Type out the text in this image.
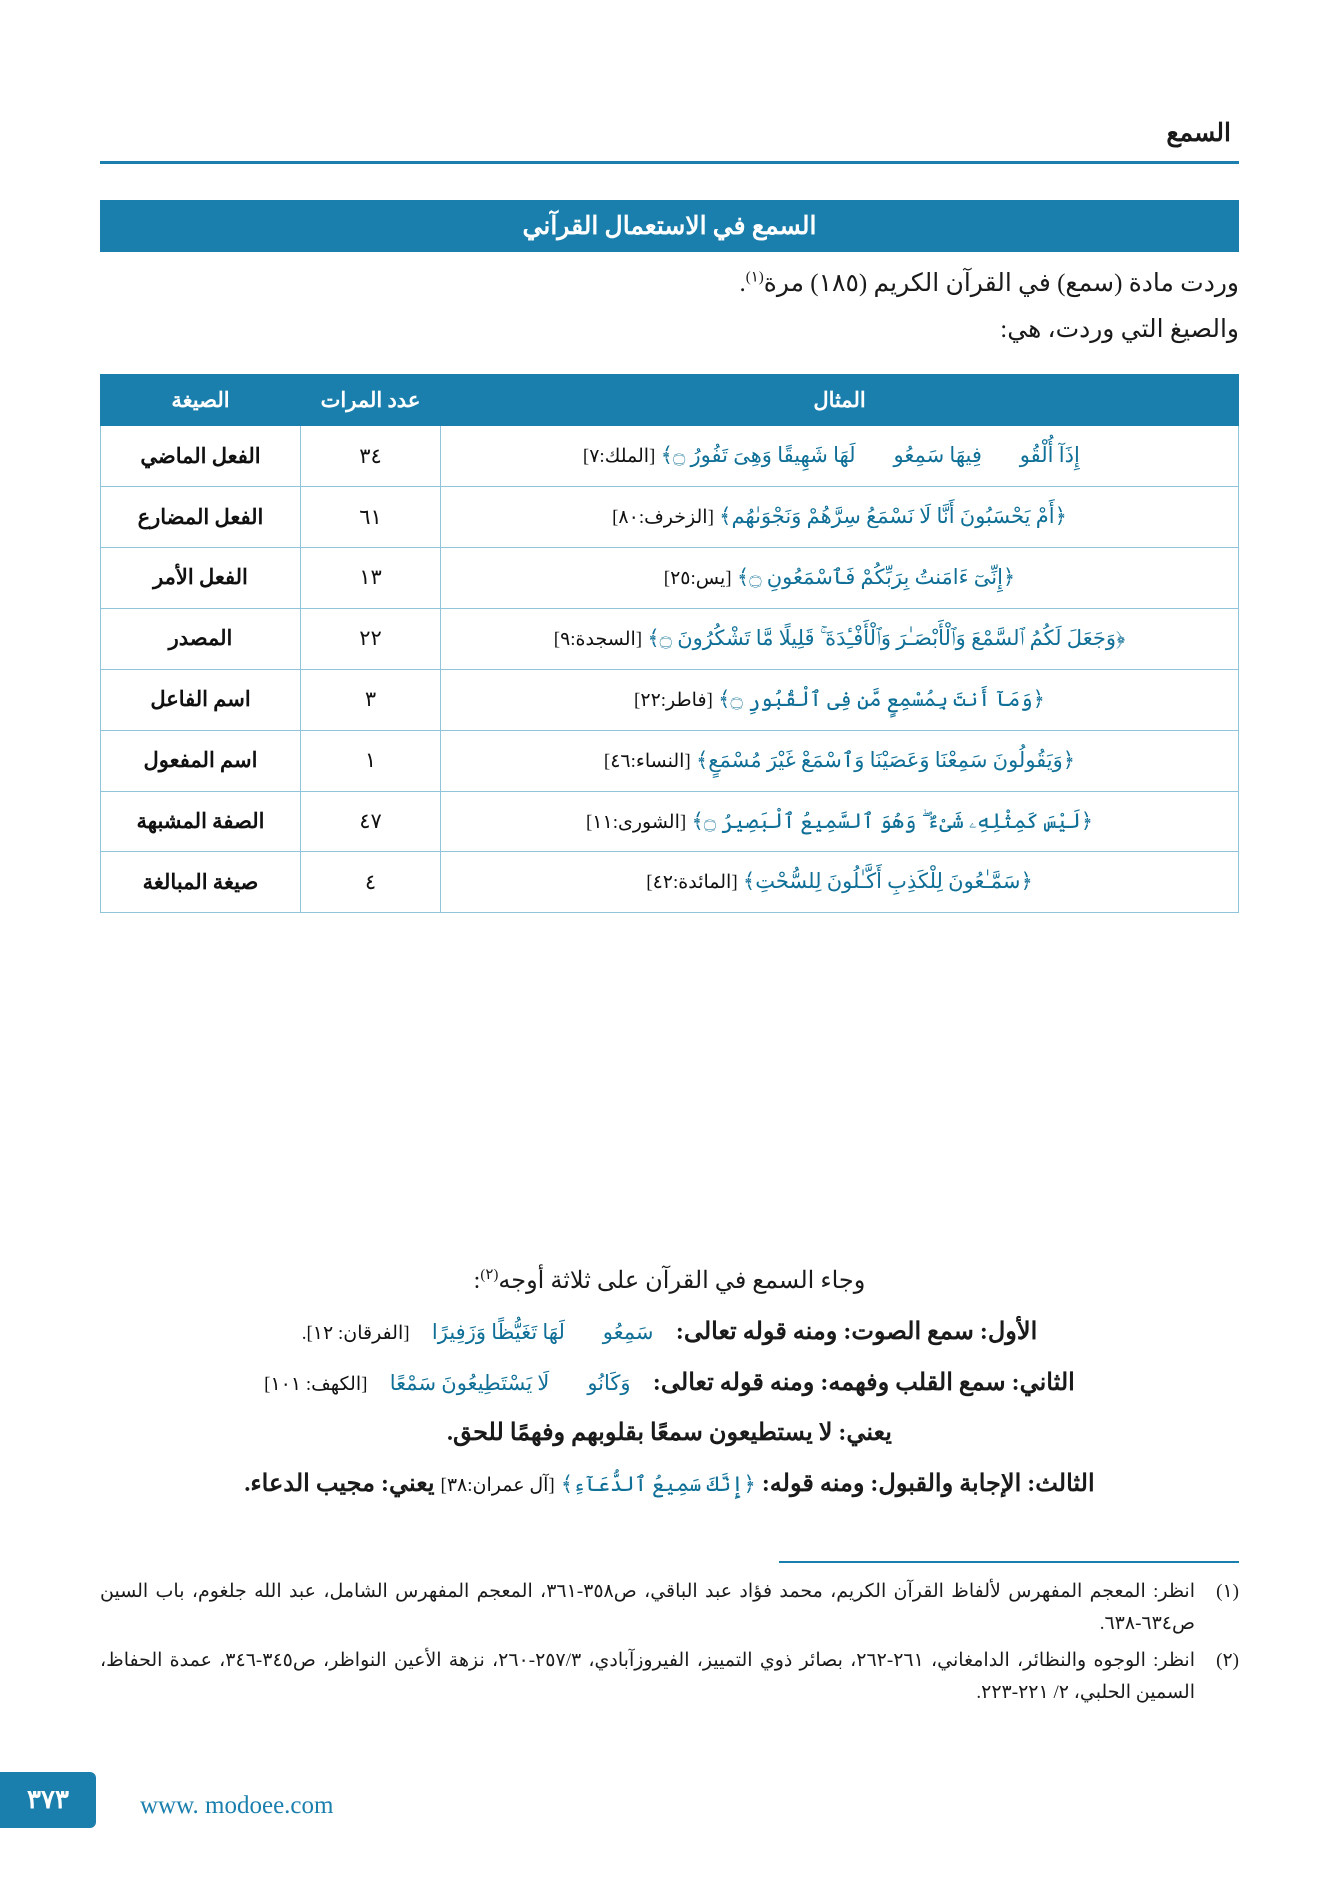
السمع
السمع في الاستعمال القرآني

وردت مادة (سمع) في القرآن الكريم (١٨٥) مرة$^{(١)}$.

والصيغ التي وردت، هي:

المثال	عدد المرات	الصيغة
﴿إِذَآ أُلْقُوا۟ فِيهَا سَمِعُوا۟ لَهَا شَهِيقًا وَهِىَ تَفُورُ ۝﴾ [الملك:٧]	٣٤	الفعل الماضي
﴿أَمْ يَحْسَبُونَ أَنَّا لَا نَسْمَعُ سِرَّهُمْ وَنَجْوَىٰهُم﴾ [الزخرف:٨٠]	٦١	الفعل المضارع
﴿إِنِّىٓ ءَامَنتُ بِرَبِّكُمْ فَٱسْمَعُونِ ۝﴾ [يس:٢٥]	١٣	الفعل الأمر
﴿وَجَعَلَ لَكُمُ ٱلسَّمْعَ وَٱلْأَبْصَـٰرَ وَٱلْأَفْـِٔدَةَ ۚ قَلِيلًا مَّا تَشْكُرُونَ ۝﴾ [السجدة:٩]	٢٢	المصدر
﴿وَمَآ أَنتَ بِمُسْمِعٍ مَّن فِى ٱلْقُبُورِ ۝﴾ [فاطر:٢٢]	٣	اسم الفاعل
﴿وَيَقُولُونَ سَمِعْنَا وَعَصَيْنَا وَٱسْمَعْ غَيْرَ مُسْمَعٍ﴾ [النساء:٤٦]	١	اسم المفعول
﴿لَيْسَ كَمِثْلِهِۦ شَىْءٌ ۖ وَهُوَ ٱلسَّمِيعُ ٱلْبَصِيرُ ۝﴾ [الشورى:١١]	٤٧	الصفة المشبهة
﴿سَمَّـٰعُونَ لِلْكَذِبِ أَكَّـٰلُونَ لِلسُّحْتِ﴾ [المائدة:٤٢]	٤	صيغة المبالغة

وجاء السمع في القرآن على ثلاثة أوجه$^{(٢)}$:

الأول: سمع الصوت: ومنه قوله تعالى: ﴿سَمِعُوا۟ لَهَا تَغَيُّظًا وَزَفِيرًا﴾ [الفرقان: ١٢].

الثاني: سمع القلب وفهمه: ومنه قوله تعالى: ﴿وَكَانُوا۟ لَا يَسْتَطِيعُونَ سَمْعًا﴾ [الكهف: ١٠١]

يعني: لا يستطيعون سمعًا بقلوبهم وفهمًا للحق.

الثالث: الإجابة والقبول: ومنه قوله: ﴿إِنَّكَ سَمِيعُ ٱلدُّعَآءِ﴾ [آل عمران:٣٨] يعني: مجيب الدعاء.

(١)
انظر: المعجم المفهرس لألفاظ القرآن الكريم، محمد فؤاد عبد الباقي، ص٣٥٨-٣٦١، المعجم المفهرس الشامل، عبد الله جلغوم، باب السين ص٦٣٤-٦٣٨.
(٢)
انظر: الوجوه والنظائر، الدامغاني، ٢٦١-٢٦٢، بصائر ذوي التمييز، الفيروزآبادي، ٢٥٧/٣-٢٦٠، نزهة الأعين النواظر، ص٣٤٥-٣٤٦، عمدة الحفاظ، السمين الحلبي، ٢/ ٢٢١-٢٢٣.
٣٧٣	www. modoee.com
